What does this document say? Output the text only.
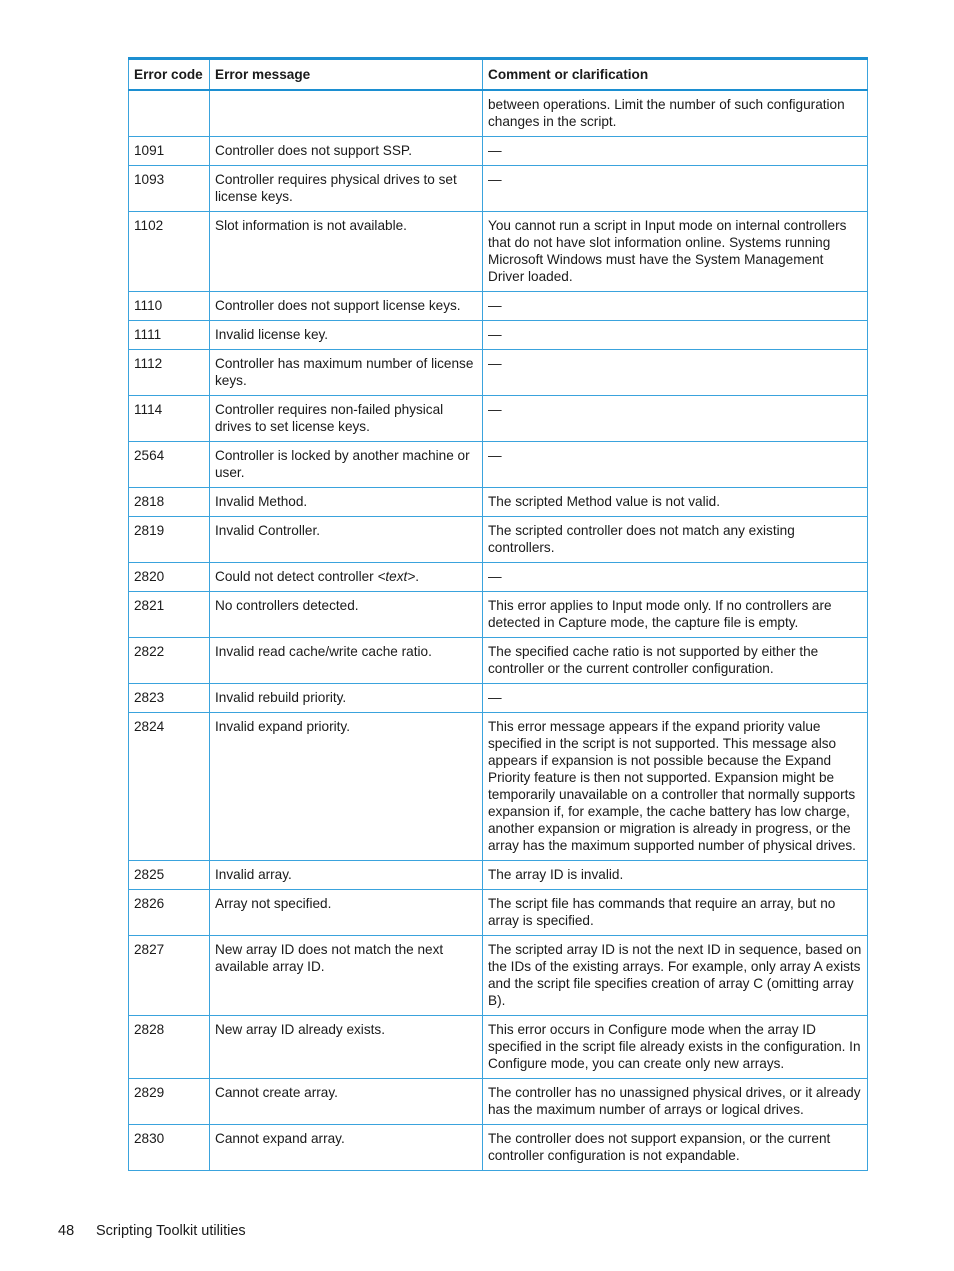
Error code	Error message	Comment or clarification
		between operations. Limit the number of such configuration changes in the script.
1091	Controller does not support SSP.	—
1093	Controller requires physical drives to set license keys.	—
1102	Slot information is not available.	You cannot run a script in Input mode on internal controllers that do not have slot information online. Systems running Microsoft Windows must have the System Management Driver loaded.
1110	Controller does not support license keys.	—
1111	Invalid license key.	—
1112	Controller has maximum number of license keys.	—
1114	Controller requires non-failed physical drives to set license keys.	—
2564	Controller is locked by another machine or user.	—
2818	Invalid Method.	The scripted Method value is not valid.
2819	Invalid Controller.	The scripted controller does not match any existing controllers.
2820	Could not detect controller <text>.	—
2821	No controllers detected.	This error applies to Input mode only. If no controllers are detected in Capture mode, the capture file is empty.
2822	Invalid read cache/write cache ratio.	The specified cache ratio is not supported by either the controller or the current controller configuration.
2823	Invalid rebuild priority.	—
2824	Invalid expand priority.	This error message appears if the expand priority value specified in the script is not supported. This message also appears if expansion is not possible because the Expand Priority feature is then not supported. Expansion might be temporarily unavailable on a controller that normally supports expansion if, for example, the cache battery has low charge, another expansion or migration is already in progress, or the array has the maximum supported number of physical drives.
2825	Invalid array.	The array ID is invalid.
2826	Array not specified.	The script file has commands that require an array, but no array is specified.
2827	New array ID does not match the next available array ID.	The scripted array ID is not the next ID in sequence, based on the IDs of the existing arrays. For example, only array A exists and the script file specifies creation of array C (omitting array B).
2828	New array ID already exists.	This error occurs in Configure mode when the array ID specified in the script file already exists in the configuration. In Configure mode, you can create only new arrays.
2829	Cannot create array.	The controller has no unassigned physical drives, or it already has the maximum number of arrays or logical drives.
2830	Cannot expand array.	The controller does not support expansion, or the current controller configuration is not expandable.
48 Scripting Toolkit utilities
